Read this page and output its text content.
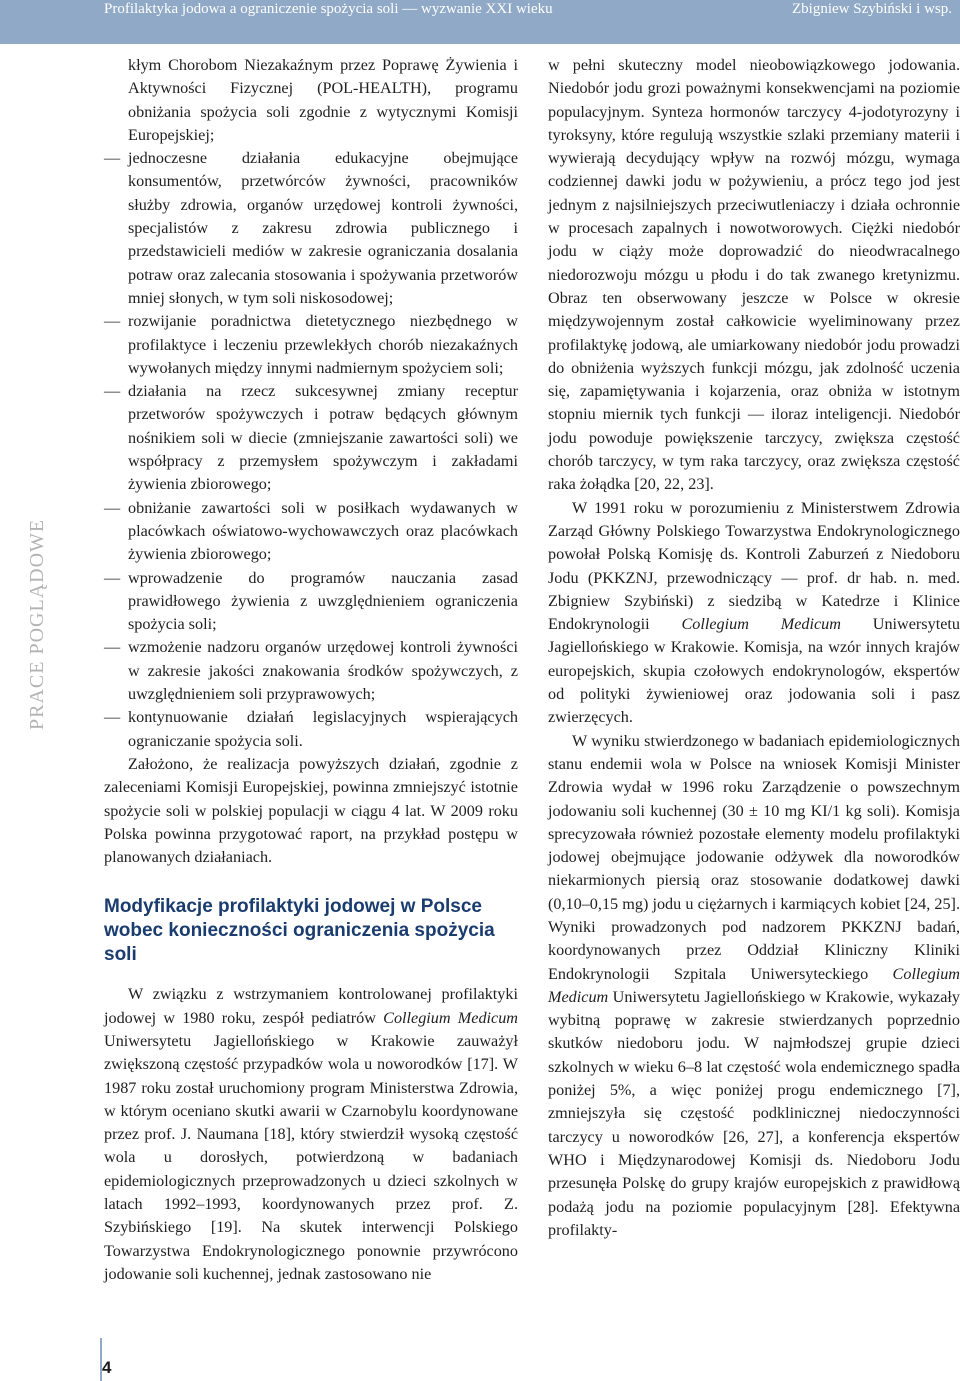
Profilaktyka jodowa a ograniczenie spożycia soli — wyzwanie XXI wieku	Zbigniew Szybiński i wsp.
PRACE POGLĄDOWE

kłym Chorobom Niezakaźnym przez Poprawę Żywienia i Aktywności Fizycznej (POL-HEALTH), programu obniżania spożycia soli zgodnie z wytycznymi Komisji Europejskiej;

—
jednoczesne działania edukacyjne obejmujące konsumentów, przetwórców żywności, pracowników służby zdrowia, organów urzędowej kontroli żywności, specjalistów z zakresu zdrowia publicznego i przedstawicieli mediów w zakresie ograniczania dosalania potraw oraz zalecania stosowania i spożywania przetworów mniej słonych, w tym soli niskosodowej;
—
rozwijanie poradnictwa dietetycznego niezbędnego w profilaktyce i leczeniu przewlekłych chorób niezakaźnych wywołanych między innymi nadmiernym spożyciem soli;
—
działania na rzecz sukcesywnej zmiany receptur przetworów spożywczych i potraw będących głównym nośnikiem soli w diecie (zmniejszanie zawartości soli) we współpracy z przemysłem spożywczym i zakładami żywienia zbiorowego;
—
obniżanie zawartości soli w posiłkach wydawanych w placówkach oświatowo-wychowawczych oraz placówkach żywienia zbiorowego;
—
wprowadzenie do programów nauczania zasad prawidłowego żywienia z uwzględnieniem ograniczenia spożycia soli;
—
wzmożenie nadzoru organów urzędowej kontroli żywności w zakresie jakości znakowania środków spożywczych, z uwzględnieniem soli przyprawowych;
—
kontynuowanie działań legislacyjnych wspierających ograniczanie spożycia soli.

Założono, że realizacja powyższych działań, zgodnie z zaleceniami Komisji Europejskiej, powinna zmniejszyć istotnie spożycie soli w polskiej populacji w ciągu 4 lat. W 2009 roku Polska powinna przygotować raport, na przykład postępu w planowanych działaniach.

Modyfikacje profilaktyki jodowej w Polsce wobec konieczności ograniczenia spożycia soli

W związku z wstrzymaniem kontrolowanej profilaktyki jodowej w 1980 roku, zespół pediatrów Collegium Medicum Uniwersytetu Jagiellońskiego w Krakowie zauważył zwiększoną częstość przypadków wola u noworodków [17]. W 1987 roku został uruchomiony program Ministerstwa Zdrowia, w którym oceniano skutki awarii w Czarnobylu koordynowane przez prof. J. Naumana [18], który stwierdził wysoką częstość wola u dorosłych, potwierdzoną w badaniach epidemiologicznych przeprowadzonych u dzieci szkolnych w latach 1992–1993, koordynowanych przez prof. Z. Szybińskiego [19]. Na skutek interwencji Polskiego Towarzystwa Endokrynologicznego ponownie przywrócono jodowanie soli kuchennej, jednak zastosowano nie

w pełni skuteczny model nieobowiązkowego jodowania. Niedobór jodu grozi poważnymi konsekwencjami na poziomie populacyjnym. Synteza hormonów tarczycy 4-jodotyrozyny i tyroksyny, które regulują wszystkie szlaki przemiany materii i wywierają decydujący wpływ na rozwój mózgu, wymaga codziennej dawki jodu w pożywieniu, a prócz tego jod jest jednym z najsilniejszych przeciwutleniaczy i działa ochronnie w procesach zapalnych i nowotworowych. Ciężki niedobór jodu w ciąży może doprowadzić do nieodwracalnego niedorozwoju mózgu u płodu i do tak zwanego kretynizmu. Obraz ten obserwowany jeszcze w Polsce w okresie międzywojennym został całkowicie wyeliminowany przez profilaktykę jodową, ale umiarkowany niedobór jodu prowadzi do obniżenia wyższych funkcji mózgu, jak zdolność uczenia się, zapamiętywania i kojarzenia, oraz obniża w istotnym stopniu miernik tych funkcji — iloraz inteligencji. Niedobór jodu powoduje powiększenie tarczycy, zwiększa częstość chorób tarczycy, w tym raka tarczycy, oraz zwiększa częstość raka żołądka [20, 22, 23].

W 1991 roku w porozumieniu z Ministerstwem Zdrowia Zarząd Główny Polskiego Towarzystwa Endokrynologicznego powołał Polską Komisję ds. Kontroli Zaburzeń z Niedoboru Jodu (PKKZNJ, przewodniczący — prof. dr hab. n. med. Zbigniew Szybiński) z siedzibą w Katedrze i Klinice Endokrynologii Collegium Medicum Uniwersytetu Jagiellońskiego w Krakowie. Komisja, na wzór innych krajów europejskich, skupia czołowych endokrynologów, ekspertów od polityki żywieniowej oraz jodowania soli i pasz zwierzęcych.

W wyniku stwierdzonego w badaniach epidemiologicznych stanu endemii wola w Polsce na wniosek Komisji Minister Zdrowia wydał w 1996 roku Zarządzenie o powszechnym jodowaniu soli kuchennej (30 ± 10 mg KI/1 kg soli). Komisja sprecyzowała również pozostałe elementy modelu profilaktyki jodowej obejmujące jodowanie odżywek dla noworodków niekarmionych piersią oraz stosowanie dodatkowej dawki (0,10–0,15 mg) jodu u ciężarnych i karmiących kobiet [24, 25]. Wyniki prowadzonych pod nadzorem PKKZNJ badań, koordynowanych przez Oddział Kliniczny Kliniki Endokrynologii Szpitala Uniwersyteckiego Collegium Medicum Uniwersytetu Jagiellońskiego w Krakowie, wykazały wybitną poprawę w zakresie stwierdzanych poprzednio skutków niedoboru jodu. W najmłodszej grupie dzieci szkolnych w wieku 6–8 lat częstość wola endemicznego spadła poniżej 5%, a więc poniżej progu endemicznego [7], zmniejszyła się częstość podklinicznej niedoczynności tarczycy u noworodków [26, 27], a konferencja ekspertów WHO i Międzynarodowej Komisji ds. Niedoboru Jodu przesunęła Polskę do grupy krajów europejskich z prawidłową podażą jodu na poziomie populacyjnym [28]. Efektywna profilakty-

4
